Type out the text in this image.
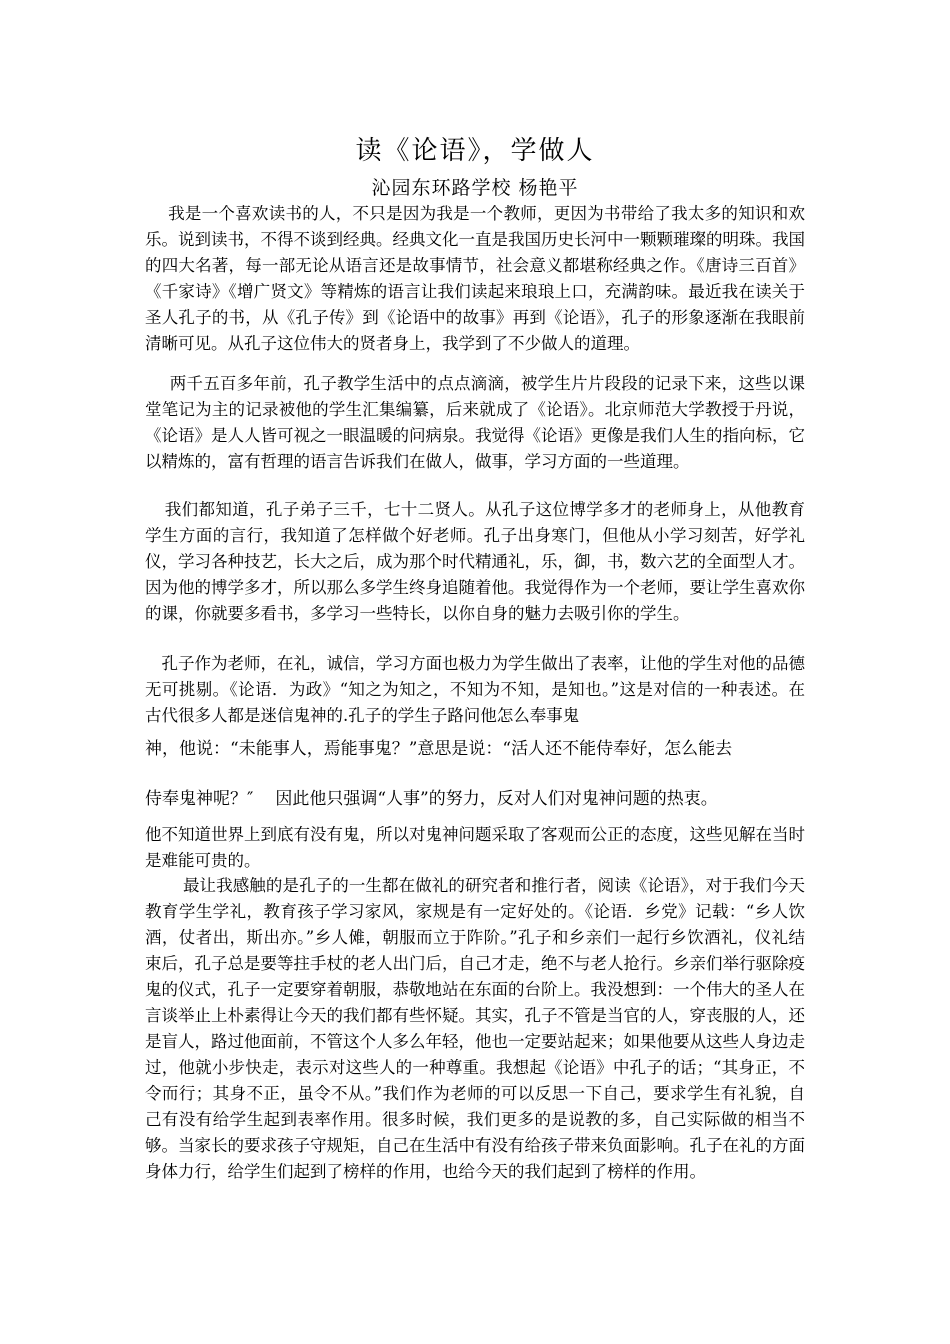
读《论语》，学做人
沁园东环路学校 杨艳平

我是一个喜欢读书的人，不只是因为我是一个教师，更因为书带给了我太多的知识和欢乐。说到读书，不得不谈到经典。经典文化一直是我国历史长河中一颗颗璀璨的明珠。我国的四大名著，每一部无论从语言还是故事情节，社会意义都堪称经典之作。《唐诗三百首》《千家诗》《增广贤文》等精炼的语言让我们读起来琅琅上口，充满韵味。最近我在读关于圣人孔子的书，从《孔子传》到《论语中的故事》再到《论语》，孔子的形象逐渐在我眼前清晰可见。从孔子这位伟大的贤者身上，我学到了不少做人的道理。

两千五百多年前，孔子教学生活中的点点滴滴，被学生片片段段的记录下来，这些以课堂笔记为主的记录被他的学生汇集编纂，后来就成了《论语》。北京师范大学教授于丹说，《论语》是人人皆可视之一眼温暖的问病泉。我觉得《论语》更像是我们人生的指向标，它以精炼的，富有哲理的语言告诉我们在做人，做事，学习方面的一些道理。

我们都知道，孔子弟子三千，七十二贤人。从孔子这位博学多才的老师身上，从他教育学生方面的言行，我知道了怎样做个好老师。孔子出身寒门，但他从小学习刻苦，好学礼仪，学习各种技艺，长大之后，成为那个时代精通礼，乐，御，书，数六艺的全面型人才。因为他的博学多才，所以那么多学生终身追随着他。我觉得作为一个老师，要让学生喜欢你的课，你就要多看书，多学习一些特长，以你自身的魅力去吸引你的学生。

孔子作为老师，在礼，诚信，学习方面也极力为学生做出了表率，让他的学生对他的品德无可挑剔。《论语．为政》“知之为知之，不知为不知，是知也。”这是对信的一种表述。在古代很多人都是迷信鬼神的.孔子的学生子路问他怎么奉事鬼

神，他说：“未能事人，焉能事鬼？”意思是说：“活人还不能侍奉好，怎么能去
侍奉鬼神呢？″ 因此他只强调“人事”的努力，反对人们对鬼神问题的热衷。

他不知道世界上到底有没有鬼，所以对鬼神问题采取了客观而公正的态度，这些见解在当时是难能可贵的。

最让我感触的是孔子的一生都在做礼的研究者和推行者，阅读《论语》，对于我们今天教育学生学礼，教育孩子学习家风，家规是有一定好处的。《论语．乡党》记载：“乡人饮酒，仗者出，斯出亦。”乡人傩，朝服而立于阼阶。”孔子和乡亲们一起行乡饮酒礼，仪礼结束后，孔子总是要等拄手杖的老人出门后，自己才走，绝不与老人抢行。乡亲们举行驱除疫鬼的仪式，孔子一定要穿着朝服，恭敬地站在东面的台阶上。我没想到：一个伟大的圣人在言谈举止上朴素得让今天的我们都有些怀疑。其实，孔子不管是当官的人，穿丧服的人，还是盲人，路过他面前，不管这个人多么年轻，他也一定要站起来；如果他要从这些人身边走过，他就小步快走，表示对这些人的一种尊重。我想起《论语》中孔子的话；“其身正，不令而行；其身不正，虽令不从。”我们作为老师的可以反思一下自己，要求学生有礼貌，自己有没有给学生起到表率作用。很多时候，我们更多的是说教的多，自己实际做的相当不够。当家长的要求孩子守规矩，自己在生活中有没有给孩子带来负面影响。孔子在礼的方面身体力行，给学生们起到了榜样的作用，也给今天的我们起到了榜样的作用。
